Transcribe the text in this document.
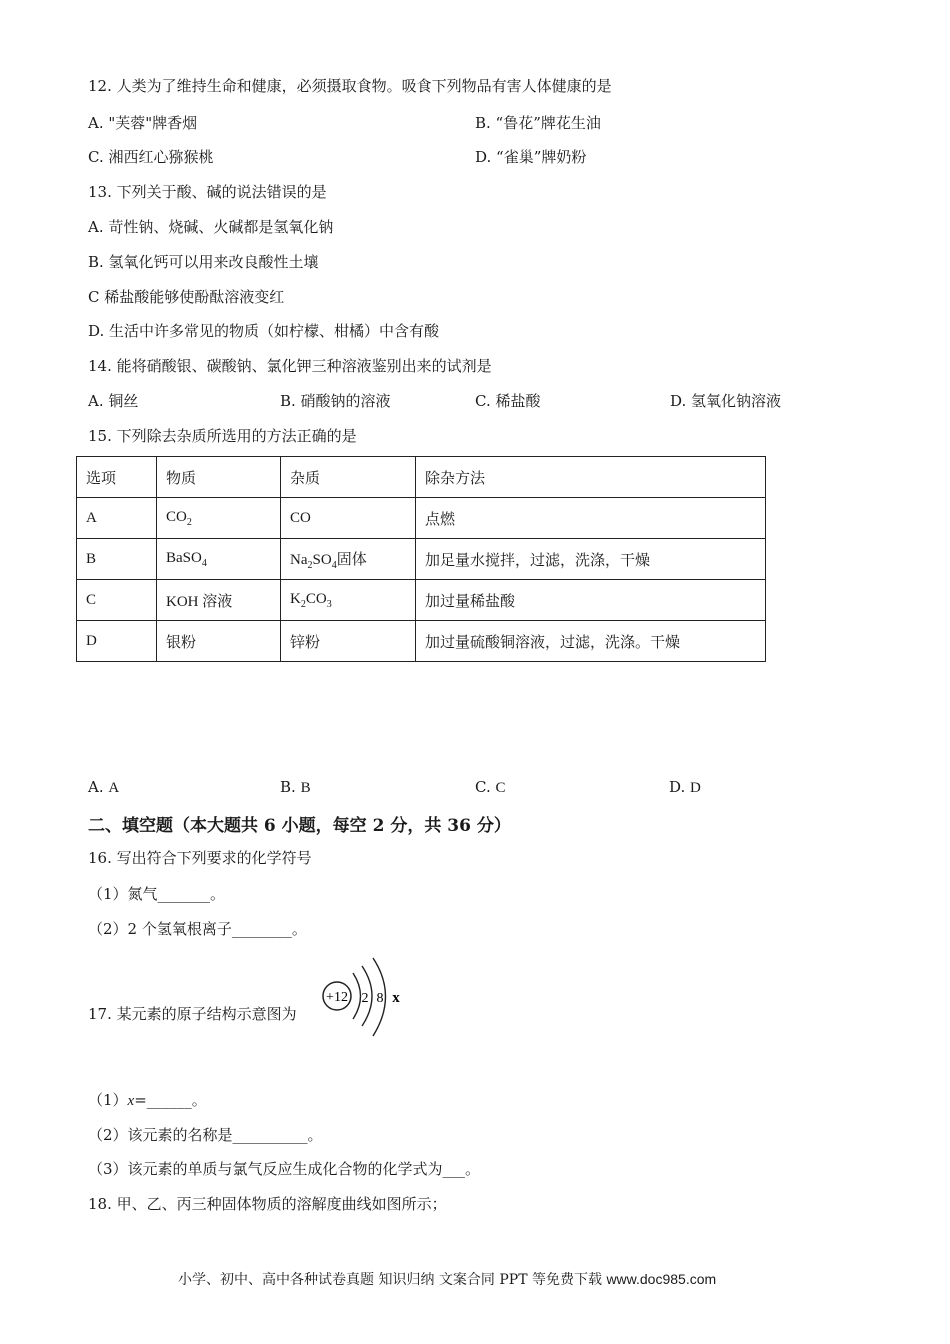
12. 人类为了维持生命和健康，必须摄取食物。吸食下列物品有害人体健康的是
A. "芙蓉"牌香烟	B. “鲁花”牌花生油
C. 湘西红心猕猴桃	D. “雀巢”牌奶粉
13. 下列关于酸、碱的说法错误的是
A. 苛性钠、烧碱、火碱都是氢氧化钠
B. 氢氧化钙可以用来改良酸性土壤
C 稀盐酸能够使酚酞溶液变红
D. 生活中许多常见的物质（如柠檬、柑橘）中含有酸
14. 能将硝酸银、碳酸钠、氯化钾三种溶液鉴别出来的试剂是
A. 铜丝	B. 硝酸钠的溶液	C. 稀盐酸	D. 氢氧化钠溶液
15. 下列除去杂质所选用的方法正确的是
选项	物质	杂质	除杂方法
A	$CO_2$	CO	点燃
B	BaSO$_4$	$Na_2SO_4$固体	加足量水搅拌，过滤，洗涤，干燥
C	KOH 溶液	$K_2CO_3$	加过量稀盐酸
D	银粉	锌粉	加过量硫酸铜溶液，过滤，洗涤。干燥
A. A	B. B	C. C	D. D
二、填空题（本大题共 6 小题，每空 2 分，共 36 分）
16. 写出符合下列要求的化学符号
（1）氮气_______。
（2）2 个氢氧根离子________。
17. 某元素的原子结构示意图为
+12 2 8 x
（1）x=______。
（2）该元素的名称是__________。
（3）该元素的单质与氯气反应生成化合物的化学式为___。
18. 甲、乙、丙三种固体物质的溶解度曲线如图所示；
小学、初中、高中各种试卷真题 知识归纳 文案合同 PPT 等免费下载 www.doc985.com
